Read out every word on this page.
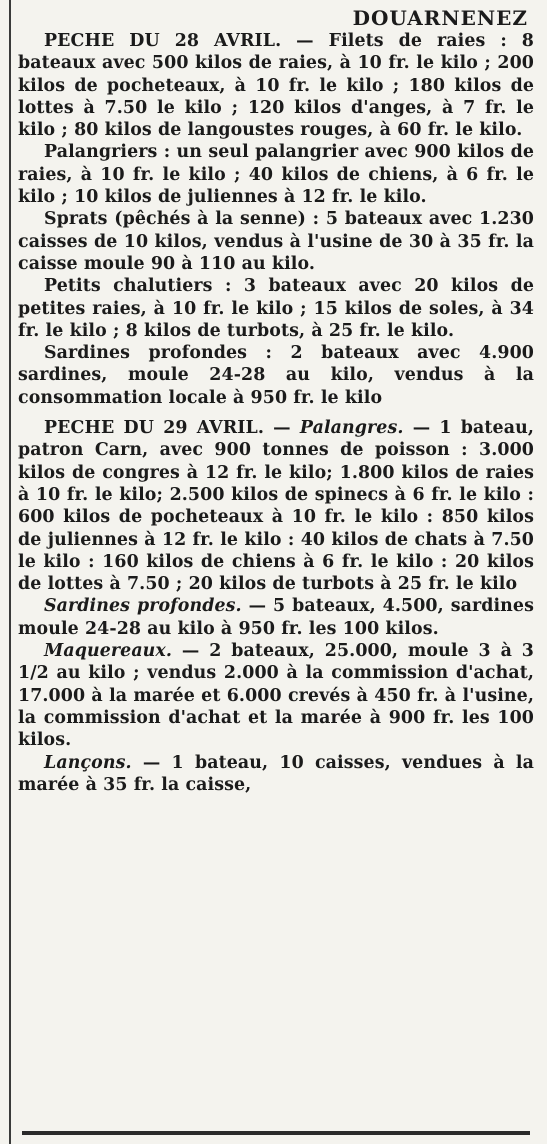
DOUARNENEZ

PECHE DU 28 AVRIL. — Filets de raies : 8 bateaux avec 500 kilos de raies, à 10 fr. le kilo ; 200 kilos de pocheteaux, à 10 fr. le kilo ; 180 kilos de lottes à 7.50 le kilo ; 120 kilos d'anges, à 7 fr. le kilo ; 80 kilos de langoustes rouges, à 60 fr. le kilo.

Palangriers : un seul palangrier avec 900 kilos de raies, à 10 fr. le kilo ; 40 kilos de chiens, à 6 fr. le kilo ; 10 kilos de juliennes à 12 fr. le kilo.

Sprats (pêchés à la senne) : 5 bateaux avec 1.230 caisses de 10 kilos, vendus à l'usine de 30 à 35 fr. la caisse moule 90 à 110 au kilo.

Petits chalutiers : 3 bateaux avec 20 kilos de petites raies, à 10 fr. le kilo ; 15 kilos de soles, à 34 fr. le kilo ; 8 kilos de turbots, à 25 fr. le kilo.

Sardines profondes : 2 bateaux avec 4.900 sardines, moule 24-28 au kilo, vendus à la consommation locale à 950 fr. le kilo

PECHE DU 29 AVRIL. — Palangres. — 1 bateau, patron Carn, avec 900 tonnes de poisson : 3.000 kilos de congres à 12 fr. le kilo; 1.800 kilos de raies à 10 fr. le kilo; 2.500 kilos de spinecs à 6 fr. le kilo : 600 kilos de pocheteaux à 10 fr. le kilo : 850 kilos de juliennes à 12 fr. le kilo : 40 kilos de chats à 7.50 le kilo : 160 kilos de chiens à 6 fr. le kilo : 20 kilos de lottes à 7.50 ; 20 kilos de turbots à 25 fr. le kilo

Sardines profondes. — 5 bateaux, 4.500, sardines moule 24-28 au kilo à 950 fr. les 100 kilos.

Maquereaux. — 2 bateaux, 25.000, moule 3 à 3 1/2 au kilo ; vendus 2.000 à la commission d'achat, 17.000 à la marée et 6.000 crevés à 450 fr. à l'usine, la commission d'achat et la marée à 900 fr. les 100 kilos.

Lançons. — 1 bateau, 10 caisses, vendues à la marée à 35 fr. la caisse,
